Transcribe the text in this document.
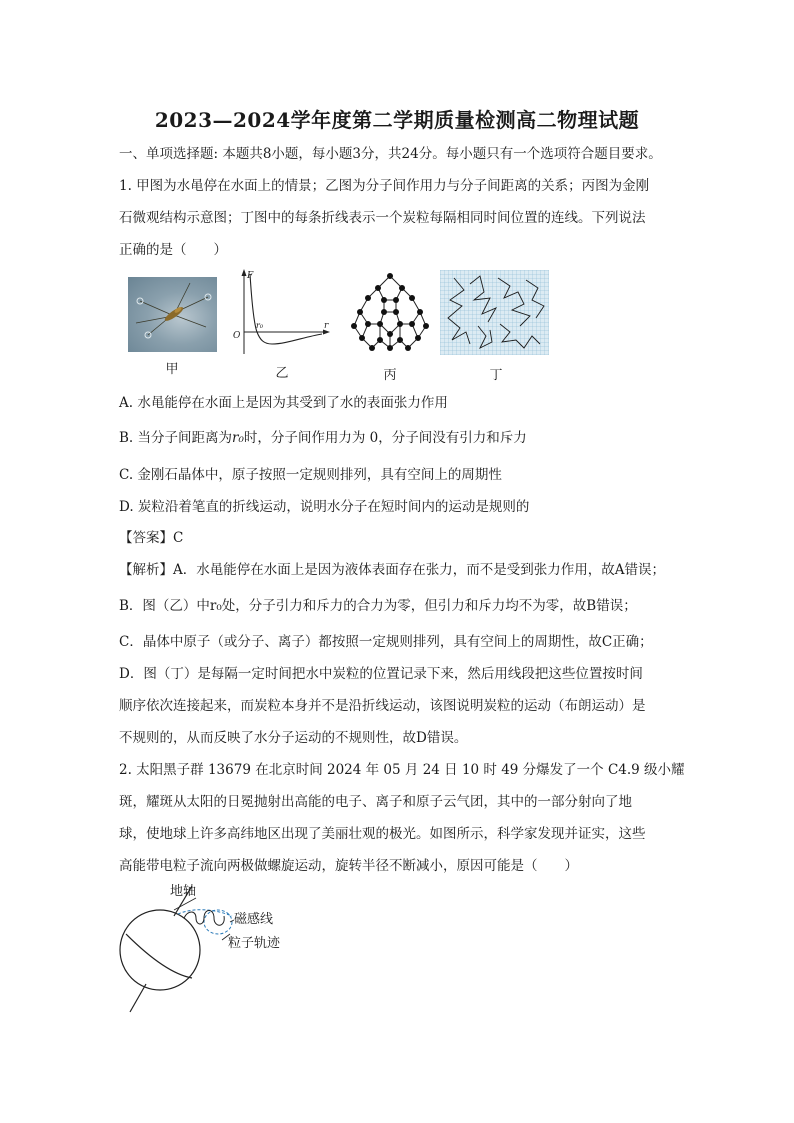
2023—2024学年度第二学期质量检测高二物理试题
一、单项选择题: 本题共8小题，每小题3分，共24分。每小题只有一个选项符合题目要求。
1. 甲图为水黾停在水面上的情景；乙图为分子间作用力与分子间距离的关系；丙图为金刚
石微观结构示意图；丁图中的每条折线表示一个炭粒每隔相同时间位置的连线。下列说法
正确的是（　　）
甲
F
O
r
r₀
乙	丙	丁
A. 水黾能停在水面上是因为其受到了水的表面张力作用
B. 当分子间距离为r₀时，分子间作用力为 0，分子间没有引力和斥力
C. 金刚石晶体中，原子按照一定规则排列，具有空间上的周期性
D. 炭粒沿着笔直的折线运动，说明水分子在短时间内的运动是规则的
【答案】C
【解析】A．水黾能停在水面上是因为液体表面存在张力，而不是受到张力作用，故A错误；
B．图（乙）中r₀处，分子引力和斥力的合力为零，但引力和斥力均不为零，故B错误；
C．晶体中原子（或分子、离子）都按照一定规则排列，具有空间上的周期性，故C正确；
D．图（丁）是每隔一定时间把水中炭粒的位置记录下来，然后用线段把这些位置按时间
顺序依次连接起来，而炭粒本身并不是沿折线运动，该图说明炭粒的运动（布朗运动）是
不规则的，从而反映了水分子运动的不规则性，故D错误。
2. 太阳黑子群 13679 在北京时间 2024 年 05 月 24 日 10 时 49 分爆发了一个 C4.9 级小耀
斑，耀斑从太阳的日冕抛射出高能的电子、离子和原子云气团，其中的一部分射向了地
球，使地球上许多高纬地区出现了美丽壮观的极光。如图所示，科学家发现并证实，这些
高能带电粒子流向两极做螺旋运动，旋转半径不断减小，原因可能是（　　）
地轴
磁感线
粒子轨迹
